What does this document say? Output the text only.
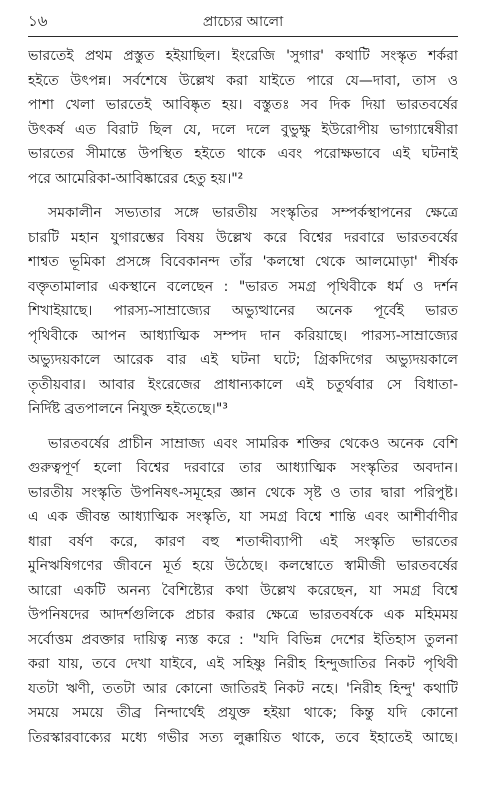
১৬	প্রাচ্যের আলো

ভারতেই প্রথম প্রস্তুত হইয়াছিল। ইংরেজি 'সুগার' কথাটি সংস্কৃত শর্করা
হইতে উৎপন্ন। সর্বশেষে উল্লেখ করা যাইতে পারে যে—দাবা, তাস ও
পাশা খেলা ভারতেই আবিষ্কৃত হয়। বস্তুতঃ সব দিক দিয়া ভারতবর্ষের
উৎকর্ষ এত বিরাট ছিল যে, দলে দলে বুভুক্ষু ইউরোপীয় ভাগ্যান্বেষীরা
ভারতের সীমান্তে উপস্থিত হইতে থাকে এবং পরোক্ষভাবে এই ঘটনাই
পরে আমেরিকা-আবিষ্কারের হেতু হয়।"²

সমকালীন সভ্যতার সঙ্গে ভারতীয় সংস্কৃতির সম্পর্কস্থাপনের ক্ষেত্রে
চারটি মহান যুগারম্ভের বিষয় উল্লেখ করে বিশ্বের দরবারে ভারতবর্ষের
শাশ্বত ভূমিকা প্রসঙ্গে বিবেকানন্দ তাঁর 'কলম্বো থেকে আলমোড়া' শীর্ষক
বক্তৃতামালার একস্থানে বলেছেন : "ভারত সমগ্র পৃথিবীকে ধর্ম ও দর্শন
শিখাইয়াছে। পারস্য-সাম্রাজ্যের অভ্যুত্থানের অনেক পূর্বেই ভারত
পৃথিবীকে আপন আধ্যাত্মিক সম্পদ দান করিয়াছে। পারস্য-সাম্রাজ্যের
অভ্যুদয়কালে আরেক বার এই ঘটনা ঘটে; গ্রিকদিগের অভ্যুদয়কালে
তৃতীয়বার। আবার ইংরেজের প্রাধান্যকালে এই চতুর্থবার সে বিধাতা-
নির্দিষ্ট ব্রতপালনে নিযুক্ত হইতেছে।"³

ভারতবর্ষের প্রাচীন সাম্রাজ্য এবং সামরিক শক্তির থেকেও অনেক বেশি
গুরুত্বপূর্ণ হলো বিশ্বের দরবারে তার আধ্যাত্মিক সংস্কৃতির অবদান।
ভারতীয় সংস্কৃতি উপনিষৎ-সমূহের জ্ঞান থেকে সৃষ্ট ও তার দ্বারা পরিপুষ্ট।
এ এক জীবন্ত আধ্যাত্মিক সংস্কৃতি, যা সমগ্র বিশ্বে শান্তি এবং আশীর্বাণীর
ধারা বর্ষণ করে, কারণ বহু শতাব্দীব্যাপী এই সংস্কৃতি ভারতের
মুনিঋষিগণের জীবনে মূর্ত হয়ে উঠেছে। কলম্বোতে স্বামীজী ভারতবর্ষের
আরো একটি অনন্য বৈশিষ্ট্যের কথা উল্লেখ করেছেন, যা সমগ্র বিশ্বে
উপনিষদের আদর্শগুলিকে প্রচার করার ক্ষেত্রে ভারতবর্ষকে এক মহিমময়
সর্বোত্তম প্রবক্তার দায়িত্ব ন্যস্ত করে : "যদি বিভিন্ন দেশের ইতিহাস তুলনা
করা যায়, তবে দেখা যাইবে, এই সহিষ্ণু নিরীহ হিন্দুজাতির নিকট পৃথিবী
যতটা ঋণী, ততটা আর কোনো জাতিরই নিকট নহে। 'নিরীহ হিন্দু' কথাটি
সময়ে সময়ে তীব্র নিন্দার্থেই প্রযুক্ত হইয়া থাকে; কিন্তু যদি কোনো
তিরস্কারবাক্যের মধ্যে গভীর সত্য লুক্কায়িত থাকে, তবে ইহাতেই আছে।
